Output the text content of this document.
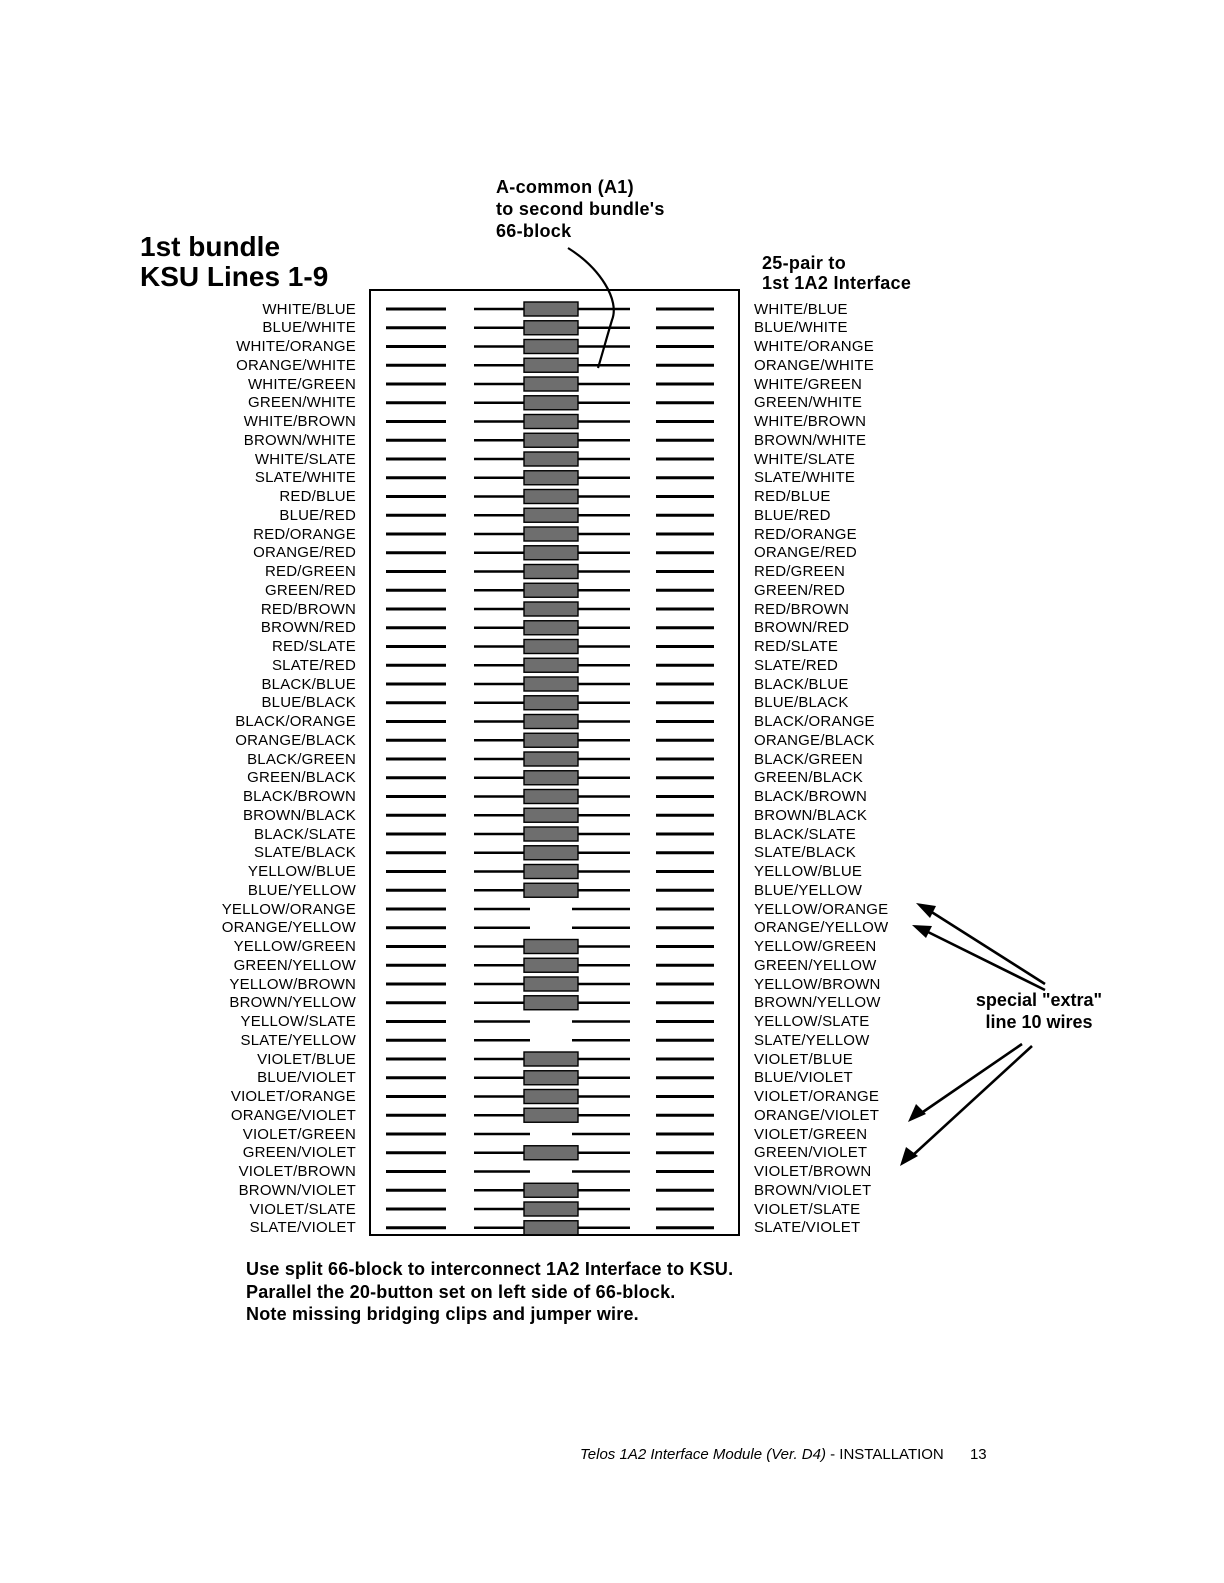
1st bundle
KSU Lines 1-9
A-common (A1)
to second bundle's
66-block
25-pair to
1st 1A2 Interface
special "extra"
line 10 wires
WHITE/BLUE
BLUE/WHITE
WHITE/ORANGE
ORANGE/WHITE
WHITE/GREEN
GREEN/WHITE
WHITE/BROWN
BROWN/WHITE
WHITE/SLATE
SLATE/WHITE
RED/BLUE
BLUE/RED
RED/ORANGE
ORANGE/RED
RED/GREEN
GREEN/RED
RED/BROWN
BROWN/RED
RED/SLATE
SLATE/RED
BLACK/BLUE
BLUE/BLACK
BLACK/ORANGE
ORANGE/BLACK
BLACK/GREEN
GREEN/BLACK
BLACK/BROWN
BROWN/BLACK
BLACK/SLATE
SLATE/BLACK
YELLOW/BLUE
BLUE/YELLOW
YELLOW/ORANGE
ORANGE/YELLOW
YELLOW/GREEN
GREEN/YELLOW
YELLOW/BROWN
BROWN/YELLOW
YELLOW/SLATE
SLATE/YELLOW
VIOLET/BLUE
BLUE/VIOLET
VIOLET/ORANGE
ORANGE/VIOLET
VIOLET/GREEN
GREEN/VIOLET
VIOLET/BROWN
BROWN/VIOLET
VIOLET/SLATE
SLATE/VIOLET
WHITE/BLUE
BLUE/WHITE
WHITE/ORANGE
ORANGE/WHITE
WHITE/GREEN
GREEN/WHITE
WHITE/BROWN
BROWN/WHITE
WHITE/SLATE
SLATE/WHITE
RED/BLUE
BLUE/RED
RED/ORANGE
ORANGE/RED
RED/GREEN
GREEN/RED
RED/BROWN
BROWN/RED
RED/SLATE
SLATE/RED
BLACK/BLUE
BLUE/BLACK
BLACK/ORANGE
ORANGE/BLACK
BLACK/GREEN
GREEN/BLACK
BLACK/BROWN
BROWN/BLACK
BLACK/SLATE
SLATE/BLACK
YELLOW/BLUE
BLUE/YELLOW
YELLOW/ORANGE
ORANGE/YELLOW
YELLOW/GREEN
GREEN/YELLOW
YELLOW/BROWN
BROWN/YELLOW
YELLOW/SLATE
SLATE/YELLOW
VIOLET/BLUE
BLUE/VIOLET
VIOLET/ORANGE
ORANGE/VIOLET
VIOLET/GREEN
GREEN/VIOLET
VIOLET/BROWN
BROWN/VIOLET
VIOLET/SLATE
SLATE/VIOLET
Use split 66-block to interconnect 1A2 Interface to KSU.
Parallel the 20-button set on left side of 66-block.
Note missing bridging clips and jumper wire.
Telos 1A2 Interface Module (Ver. D4) - INSTALLATION 13
